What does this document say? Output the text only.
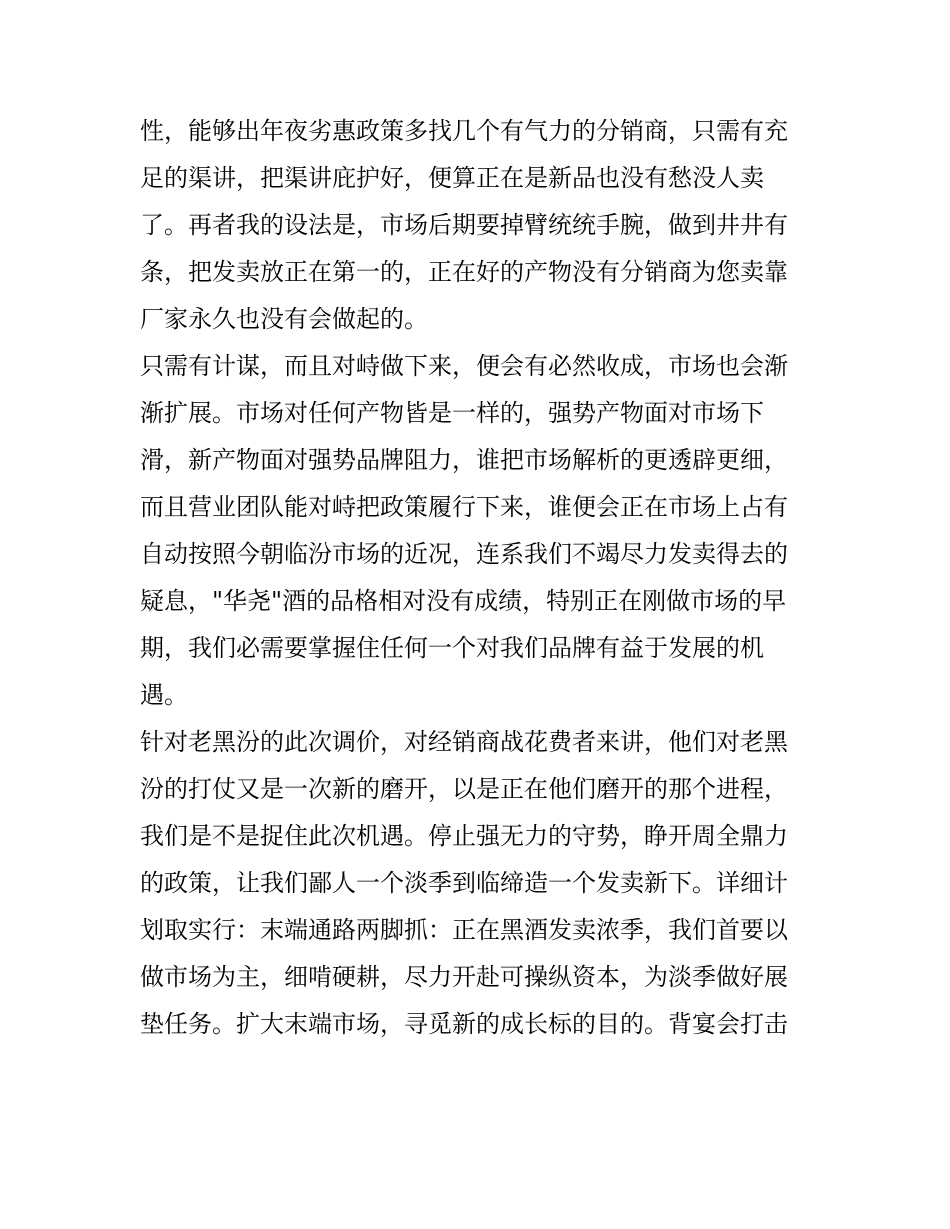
性，能够出年夜劣惠政策多找几个有气力的分销商，只需有充
足的渠讲，把渠讲庇护好，便算正在是新品也没有愁没人卖
了。再者我的设法是，市场后期要掉臂统统手腕，做到井井有
条，把发卖放正在第一的，正在好的产物没有分销商为您卖靠
厂家永久也没有会做起的。
只需有计谋，而且对峙做下来，便会有必然收成，市场也会渐
渐扩展。市场对任何产物皆是一样的，强势产物面对市场下
滑，新产物面对强势品牌阻力，谁把市场解析的更透辟更细，
而且营业团队能对峙把政策履行下来，谁便会正在市场上占有
自动按照今朝临汾市场的近况，连系我们不竭尽力发卖得去的
疑息，"华尧"酒的品格相对没有成绩，特别正在刚做市场的早
期，我们必需要掌握住任何一个对我们品牌有益于发展的机
遇。
针对老黑汾的此次调价，对经销商战花费者来讲，他们对老黑
汾的打仗又是一次新的磨开，以是正在他们磨开的那个进程，
我们是不是捉住此次机遇。停止强无力的守势，睁开周全鼎力
的政策，让我们鄙人一个淡季到临缔造一个发卖新下。详细计
划取实行：末端通路两脚抓：正在黑酒发卖浓季，我们首要以
做市场为主，细啃硬耕，尽力开赴可操纵资本，为淡季做好展
垫任务。扩大末端市场，寻觅新的成长标的目的。背宴会打击
